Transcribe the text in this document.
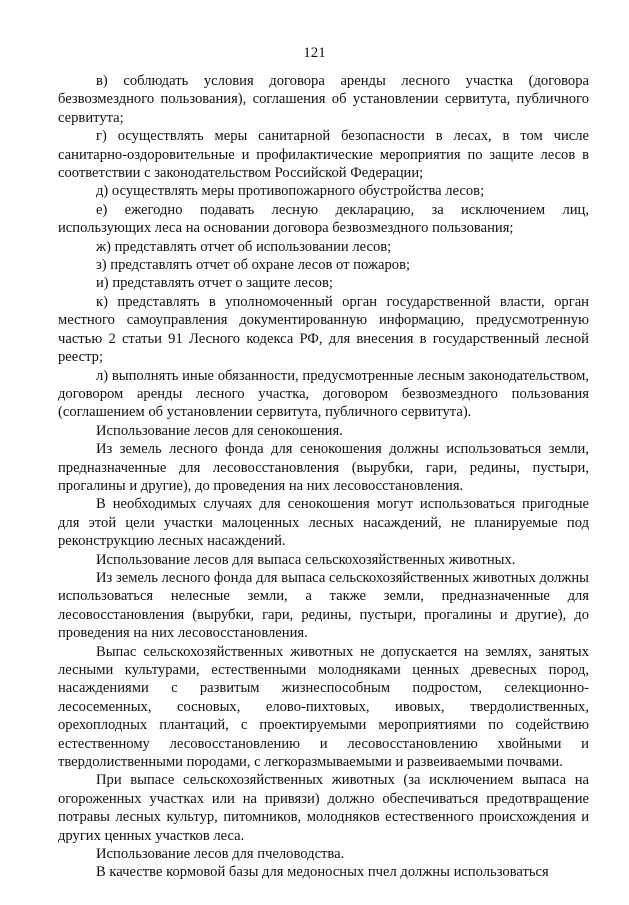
121

в) соблюдать условия договора аренды лесного участка (договора безвозмездного пользования), соглашения об установлении сервитута, публичного сервитута;

г) осуществлять меры санитарной безопасности в лесах, в том числе санитарно-оздоровительные и профилактические мероприятия по защите лесов в соответствии с законодательством Российской Федерации;

д) осуществлять меры противопожарного обустройства лесов;

е) ежегодно подавать лесную декларацию, за исключением лиц, использующих леса на основании договора безвозмездного пользования;

ж) представлять отчет об использовании лесов;

з) представлять отчет об охране лесов от пожаров;

и) представлять отчет о защите лесов;

к) представлять в уполномоченный орган государственной власти, орган местного самоуправления документированную информацию, предусмотренную частью 2 статьи 91 Лесного кодекса РФ, для внесения в государственный лесной реестр;

л) выполнять иные обязанности, предусмотренные лесным законодательством, договором аренды лесного участка, договором безвозмездного пользования (соглашением об установлении сервитута, публичного сервитута).

Использование лесов для сенокошения.

Из земель лесного фонда для сенокошения должны использоваться земли, предназначенные для лесовосстановления (вырубки, гари, редины, пустыри, прогалины и другие), до проведения на них лесовосстановления.

В необходимых случаях для сенокошения могут использоваться пригодные для этой цели участки малоценных лесных насаждений, не планируемые под реконструкцию лесных насаждений.

Использование лесов для выпаса сельскохозяйственных животных.

Из земель лесного фонда для выпаса сельскохозяйственных животных должны использоваться нелесные земли, а также земли, предназначенные для лесовосстановления (вырубки, гари, редины, пустыри, прогалины и другие), до проведения на них лесовосстановления.

Выпас сельскохозяйственных животных не допускается на землях, занятых лесными культурами, естественными молодняками ценных древесных пород, насаждениями с развитым жизнеспособным подростом, селекционно-лесосеменных, сосновых, елово-пихтовых, ивовых, твердолиственных, орехоплодных плантаций, с проектируемыми мероприятиями по содействию естественному лесовосстановлению и лесовосстановлению хвойными и твердолиственными породами, с легкоразмываемыми и развеиваемыми почвами.

При выпасе сельскохозяйственных животных (за исключением выпаса на огороженных участках или на привязи) должно обеспечиваться предотвращение потравы лесных культур, питомников, молодняков естественного происхождения и других ценных участков леса.

Использование лесов для пчеловодства.

В качестве кормовой базы для медоносных пчел должны использоваться
